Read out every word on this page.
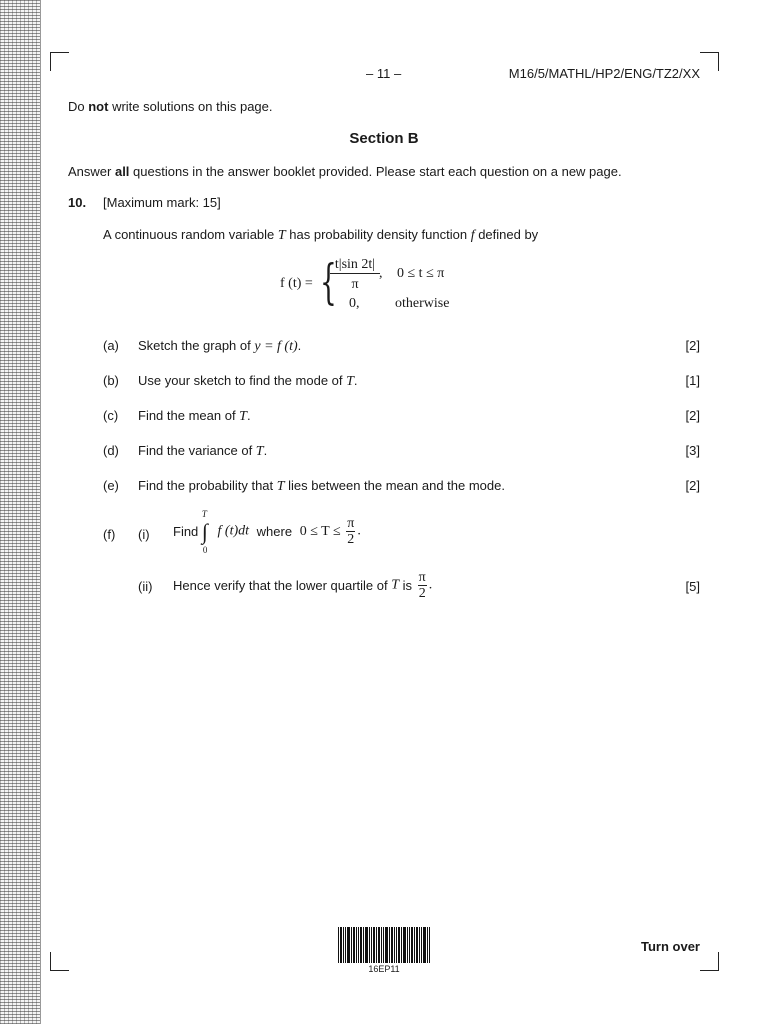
– 11 –	M16/5/MATHL/HP2/ENG/TZ2/XX
Do not write solutions on this page.
Section B
Answer all questions in the answer booklet provided. Please start each question on a new page.
10. [Maximum mark: 15]
A continuous random variable T has probability density function f defined by
f (t) = {
$\frac{t|\sin 2t|}{\pi}$ , 0 ≤ t ≤ π
0,	otherwise
(a) Sketch the graph of y = f (t).	[2]
(b) Use your sketch to find the mode of T.	[1]
(c) Find the mean of T.	[2]
(d) Find the variance of T.	[3]
(e) Find the probability that T lies between the mean and the mode.	[2]
(f) (i) Find
T
∫
0
f (t)dt where $0 \le T \le \frac{\pi}{2}$ .
(ii) Hence verify that the lower quartile of T is $\frac{\pi}{2}$ .	[5]
16EP11
Turn over
